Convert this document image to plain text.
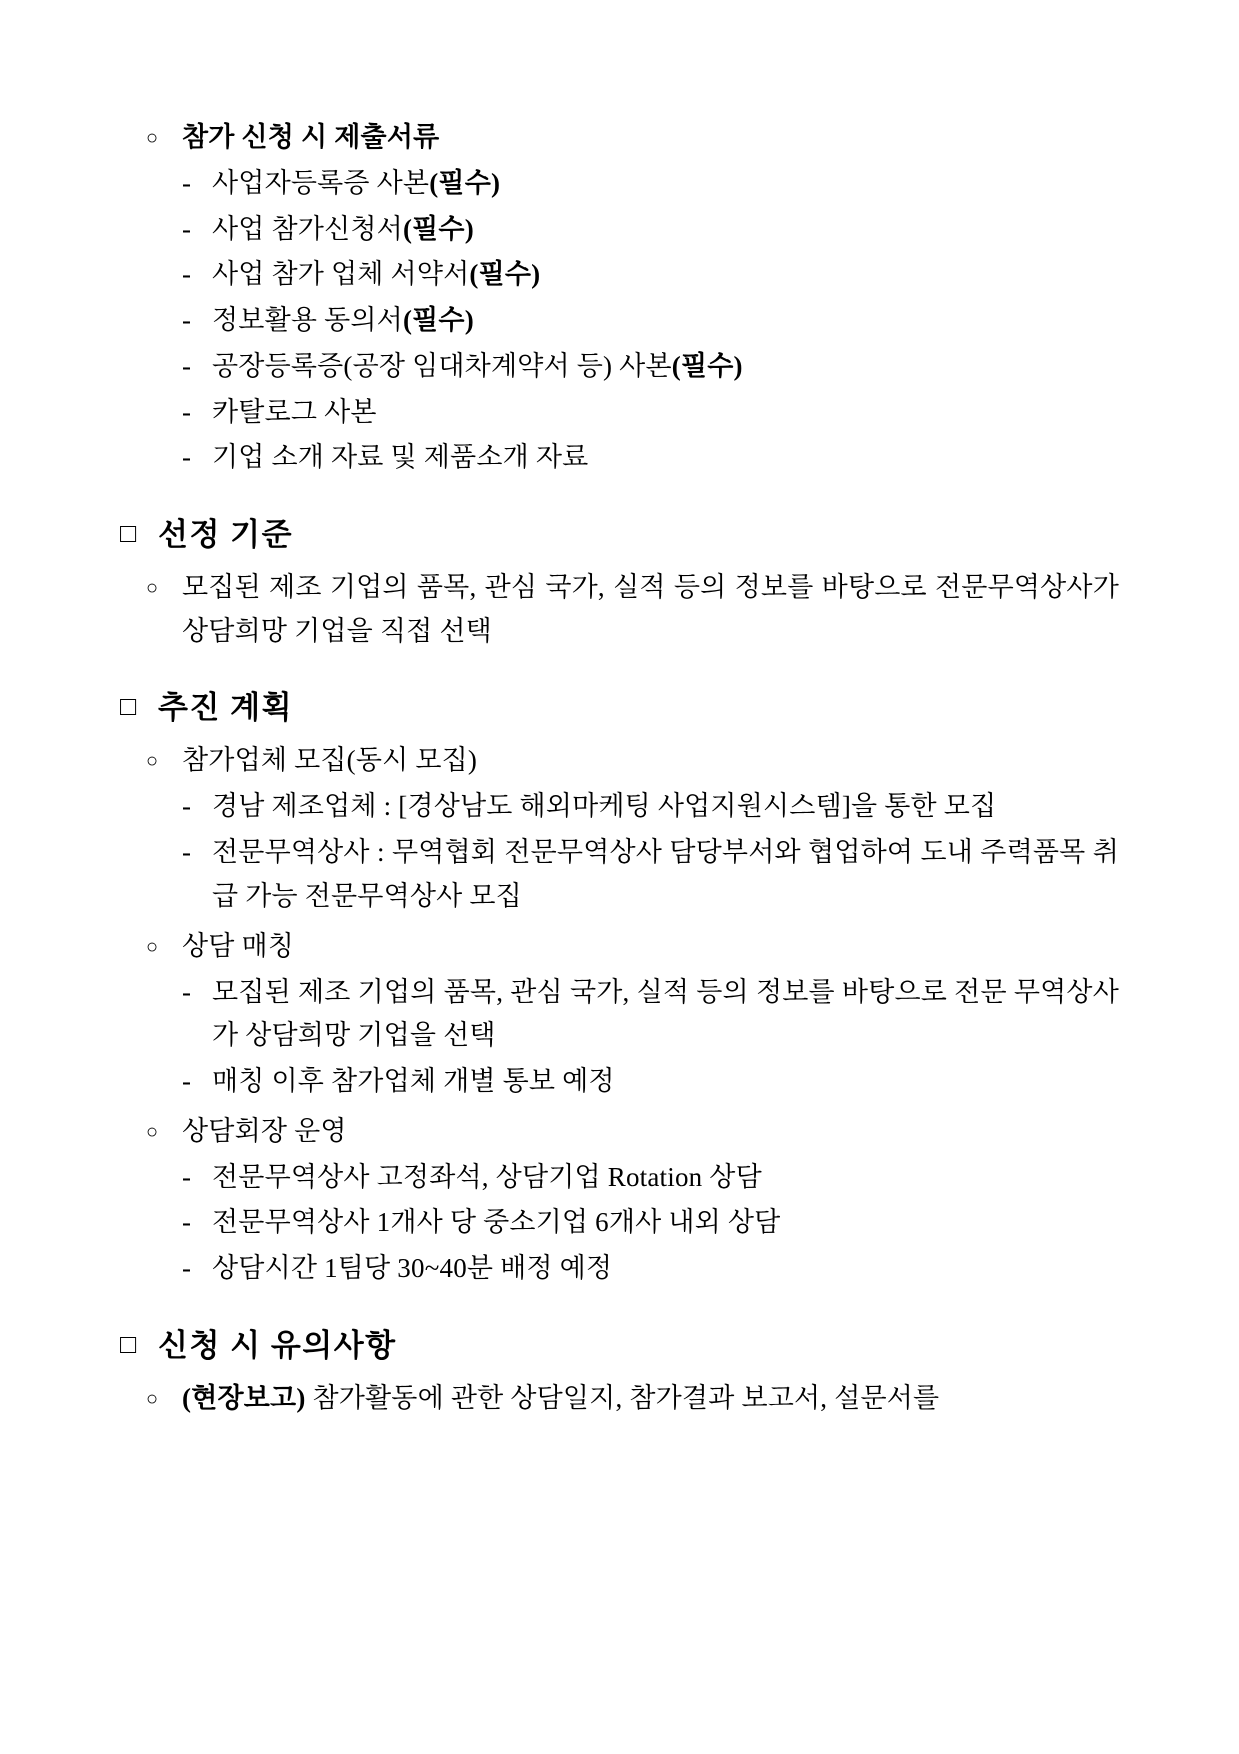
○ 참가 신청 시 제출서류
- 사업자등록증 사본(필수)
- 사업 참가신청서(필수)
- 사업 참가 업체 서약서(필수)
- 정보활용 동의서(필수)
- 공장등록증(공장 임대차계약서 등) 사본(필수)
- 카탈로그 사본
- 기업 소개 자료 및 제품소개 자료
□ 선정 기준
○ 모집된 제조 기업의 품목, 관심 국가, 실적 등의 정보를 바탕으로 전문무역상사가 상담희망 기업을 직접 선택
□ 추진 계획
○ 참가업체 모집(동시 모집)
- 경남 제조업체 : [경상남도 해외마케팅 사업지원시스템]을 통한 모집
- 전문무역상사 : 무역협회 전문무역상사 담당부서와 협업하여 도내 주력품목 취급 가능 전문무역상사 모집
○ 상담 매칭
- 모집된 제조 기업의 품목, 관심 국가, 실적 등의 정보를 바탕으로 전문 무역상사가 상담희망 기업을 선택
- 매칭 이후 참가업체 개별 통보 예정
○ 상담회장 운영
- 전문무역상사 고정좌석, 상담기업 Rotation 상담
- 전문무역상사 1개사 당 중소기업 6개사 내외 상담
- 상담시간 1팀당 30~40분 배정 예정
□ 신청 시 유의사항
○ (현장보고) 참가활동에 관한 상담일지, 참가결과 보고서, 설문서를
